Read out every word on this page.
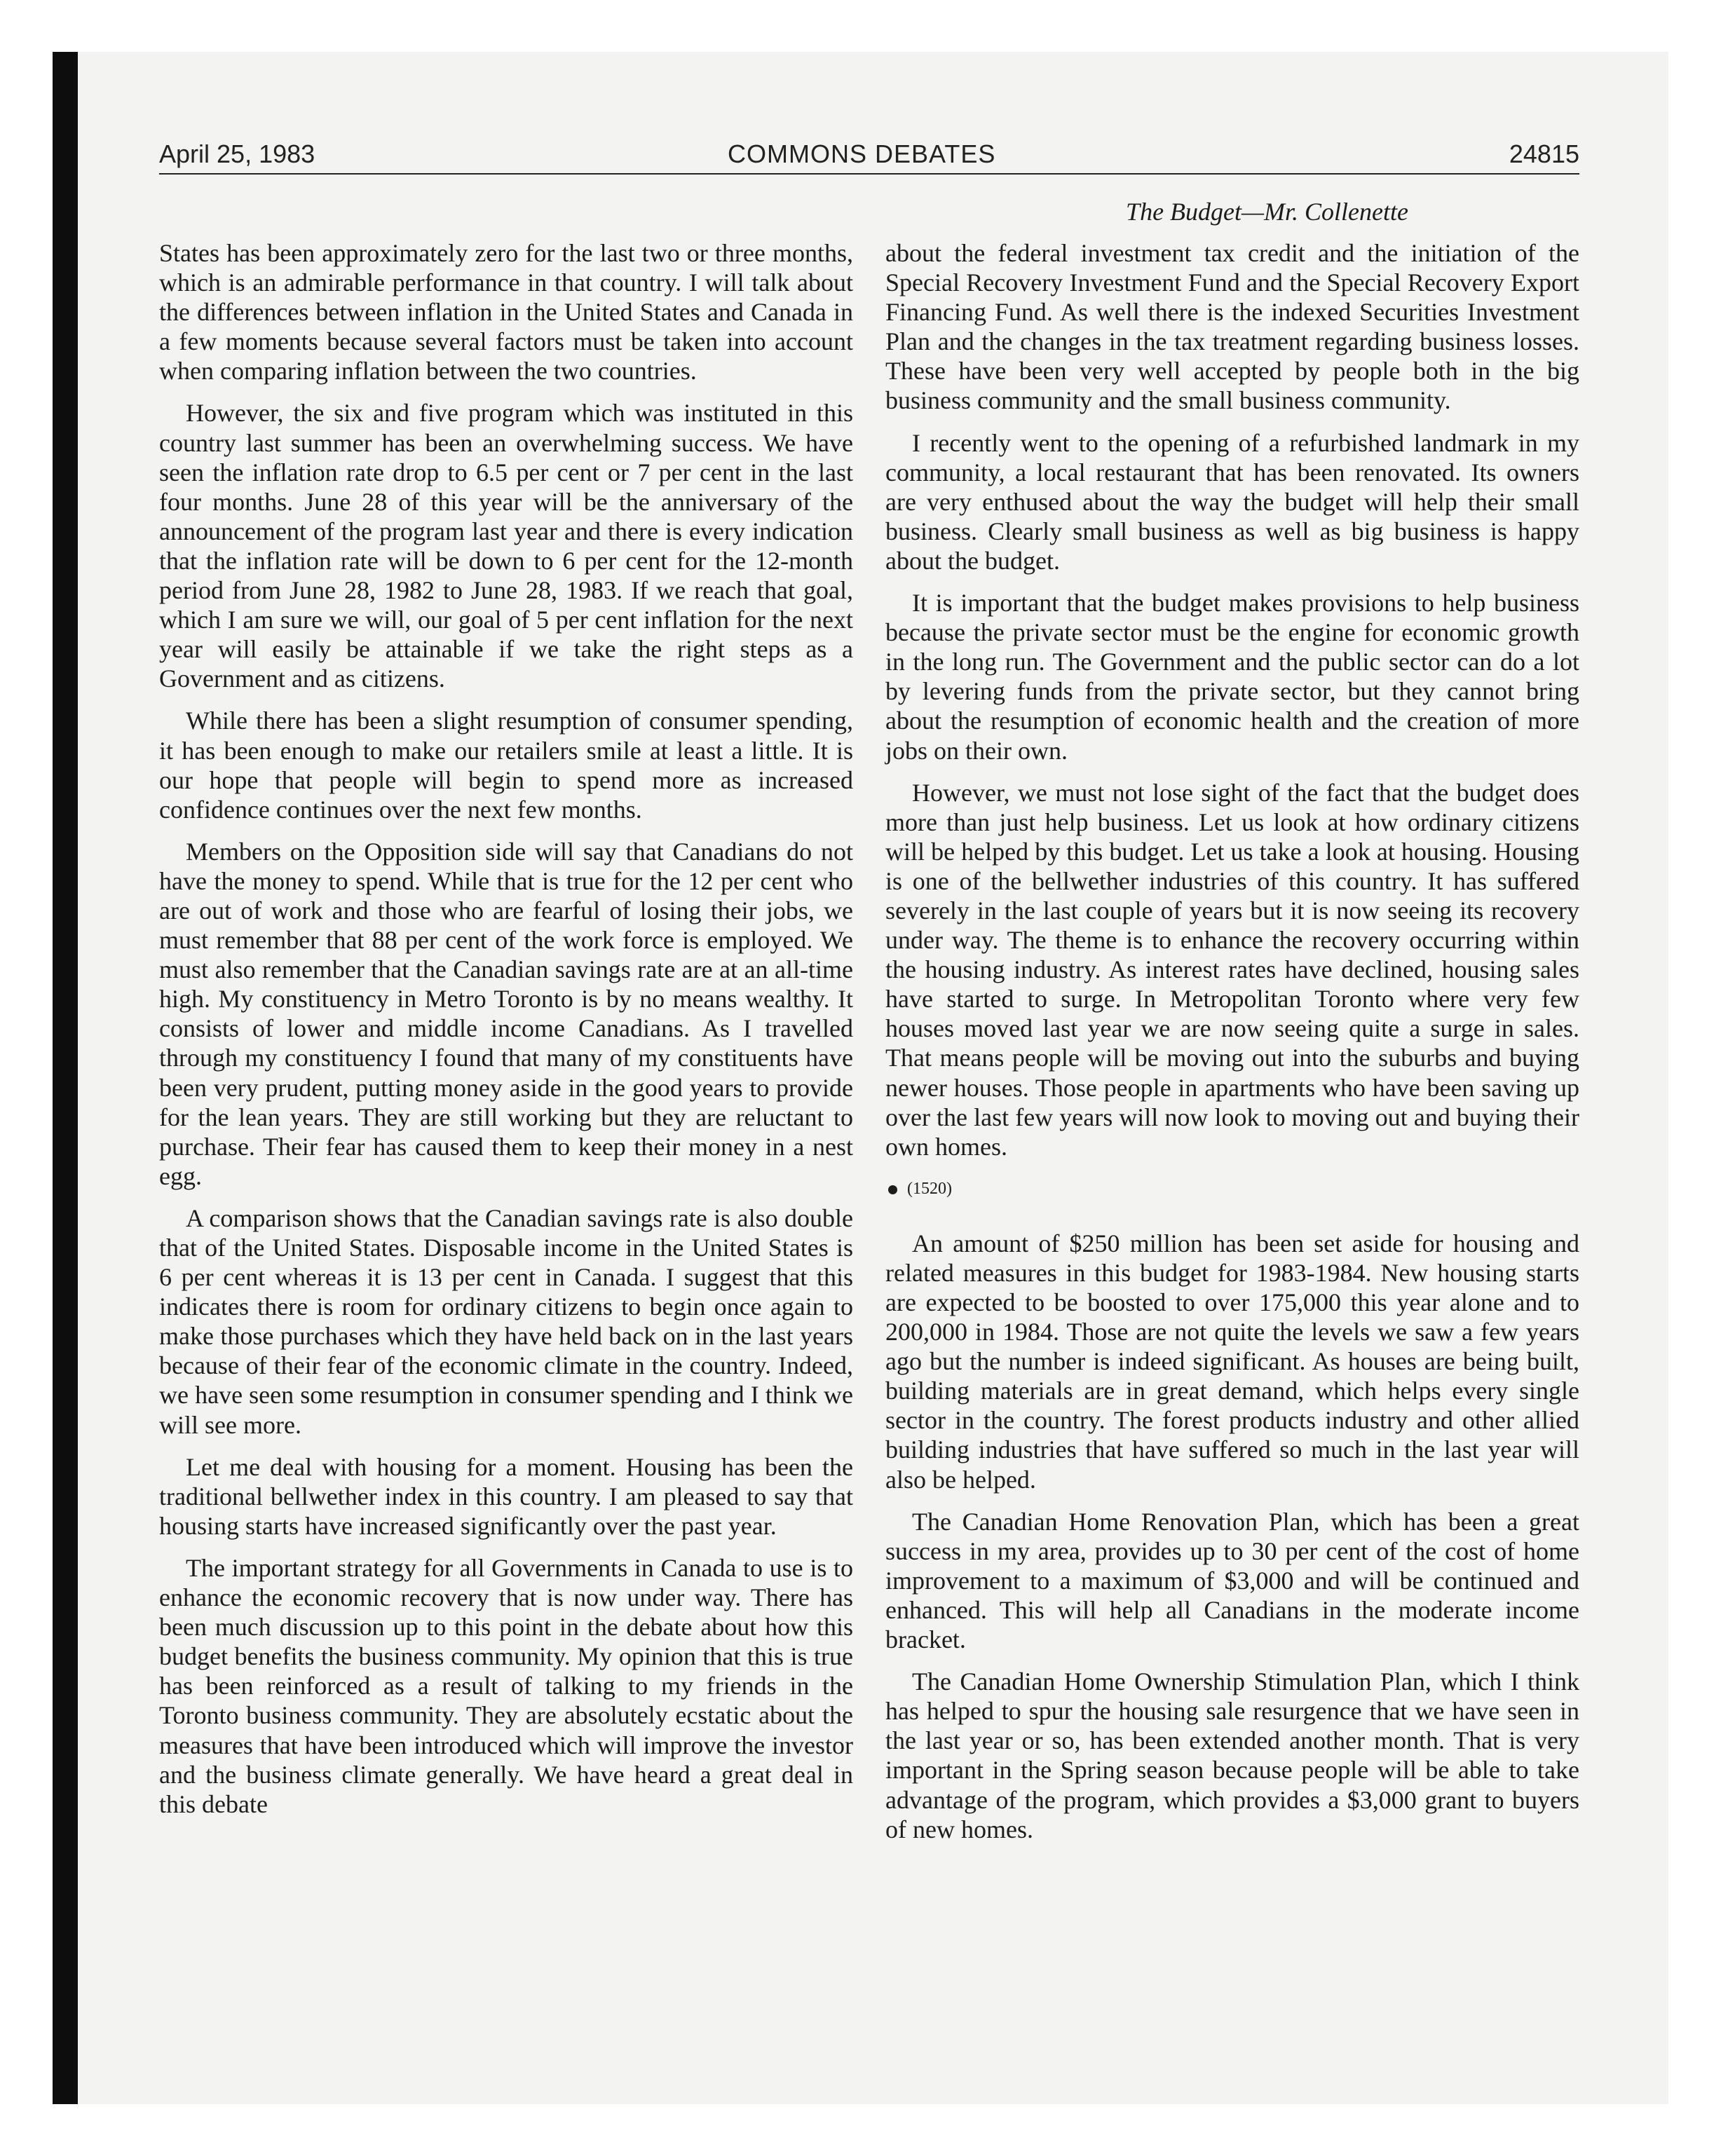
April 25, 1983	COMMONS DEBATES	24815
The Budget—Mr. Collenette

States has been approximately zero for the last two or three months, which is an admirable performance in that country. I will talk about the differences between inflation in the United States and Canada in a few moments because several factors must be taken into account when comparing inflation between the two countries.

However, the six and five program which was instituted in this country last summer has been an overwhelming success. We have seen the inflation rate drop to 6.5 per cent or 7 per cent in the last four months. June 28 of this year will be the anniversary of the announcement of the program last year and there is every indication that the inflation rate will be down to 6 per cent for the 12-month period from June 28, 1982 to June 28, 1983. If we reach that goal, which I am sure we will, our goal of 5 per cent inflation for the next year will easily be attainable if we take the right steps as a Government and as citizens.

While there has been a slight resumption of consumer spending, it has been enough to make our retailers smile at least a little. It is our hope that people will begin to spend more as increased confidence continues over the next few months.

Members on the Opposition side will say that Canadians do not have the money to spend. While that is true for the 12 per cent who are out of work and those who are fearful of losing their jobs, we must remember that 88 per cent of the work force is employed. We must also remember that the Canadian savings rate are at an all-time high. My constituency in Metro Toronto is by no means wealthy. It consists of lower and middle income Canadians. As I travelled through my constituency I found that many of my constituents have been very prudent, putting money aside in the good years to provide for the lean years. They are still working but they are reluctant to purchase. Their fear has caused them to keep their money in a nest egg.

A comparison shows that the Canadian savings rate is also double that of the United States. Disposable income in the United States is 6 per cent whereas it is 13 per cent in Canada. I suggest that this indicates there is room for ordinary citizens to begin once again to make those purchases which they have held back on in the last years because of their fear of the economic climate in the country. Indeed, we have seen some resumption in consumer spending and I think we will see more.

Let me deal with housing for a moment. Housing has been the traditional bellwether index in this country. I am pleased to say that housing starts have increased significantly over the past year.

The important strategy for all Governments in Canada to use is to enhance the economic recovery that is now under way. There has been much discussion up to this point in the debate about how this budget benefits the business community. My opinion that this is true has been reinforced as a result of talking to my friends in the Toronto business community. They are absolutely ecstatic about the measures that have been introduced which will improve the investor and the business climate generally. We have heard a great deal in this debate

about the federal investment tax credit and the initiation of the Special Recovery Investment Fund and the Special Recovery Export Financing Fund. As well there is the indexed Securities Investment Plan and the changes in the tax treatment regarding business losses. These have been very well accepted by people both in the big business community and the small business community.

I recently went to the opening of a refurbished landmark in my community, a local restaurant that has been renovated. Its owners are very enthused about the way the budget will help their small business. Clearly small business as well as big business is happy about the budget.

It is important that the budget makes provisions to help business because the private sector must be the engine for economic growth in the long run. The Government and the public sector can do a lot by levering funds from the private sector, but they cannot bring about the resumption of economic health and the creation of more jobs on their own.

However, we must not lose sight of the fact that the budget does more than just help business. Let us look at how ordinary citizens will be helped by this budget. Let us take a look at housing. Housing is one of the bellwether industries of this country. It has suffered severely in the last couple of years but it is now seeing its recovery under way. The theme is to enhance the recovery occurring within the housing industry. As interest rates have declined, housing sales have started to surge. In Metropolitan Toronto where very few houses moved last year we are now seeing quite a surge in sales. That means people will be moving out into the suburbs and buying newer houses. Those people in apartments who have been saving up over the last few years will now look to moving out and buying their own homes.

(1520)

An amount of $250 million has been set aside for housing and related measures in this budget for 1983-1984. New housing starts are expected to be boosted to over 175,000 this year alone and to 200,000 in 1984. Those are not quite the levels we saw a few years ago but the number is indeed significant. As houses are being built, building materials are in great demand, which helps every single sector in the country. The forest products industry and other allied building industries that have suffered so much in the last year will also be helped.

The Canadian Home Renovation Plan, which has been a great success in my area, provides up to 30 per cent of the cost of home improvement to a maximum of $3,000 and will be continued and enhanced. This will help all Canadians in the moderate income bracket.

The Canadian Home Ownership Stimulation Plan, which I think has helped to spur the housing sale resurgence that we have seen in the last year or so, has been extended another month. That is very important in the Spring season because people will be able to take advantage of the program, which provides a $3,000 grant to buyers of new homes.
